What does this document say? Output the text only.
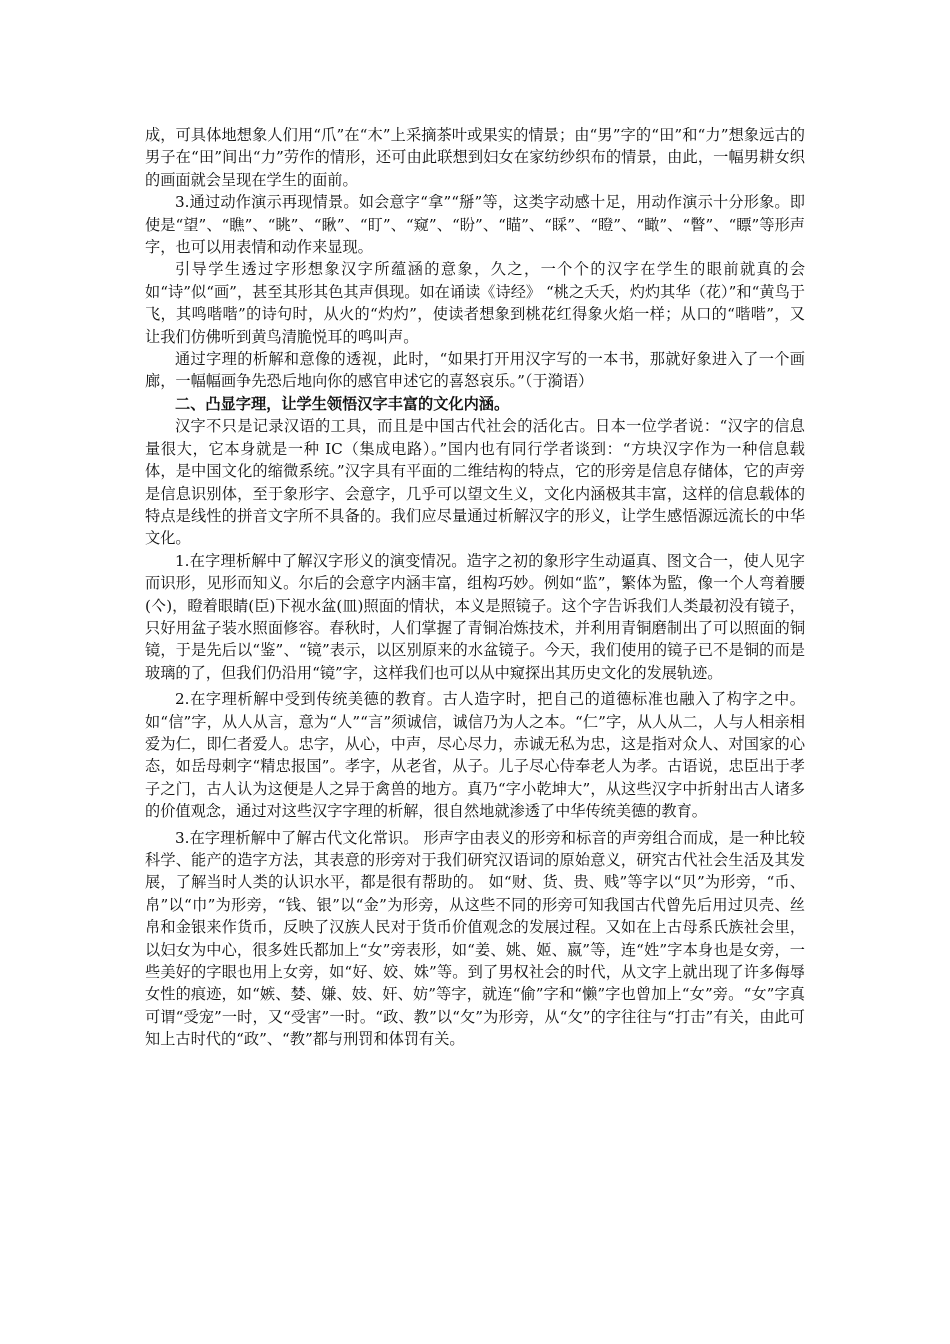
成，可具体地想象人们用“爪”在“木”上采摘茶叶或果实的情景；由“男”字的“田”和“力”想象远古的男子在“田”间出“力”劳作的情形，还可由此联想到妇女在家纺纱织布的情景，由此，一幅男耕女织的画面就会呈现在学生的面前。

3.通过动作演示再现情景。如会意字“拿”“掰”等，这类字动感十足，用动作演示十分形象。即使是“望”、“瞧”、“眺”、“瞅”、“盯”、“窥”、“盼”、“瞄”、“睬”、“瞪”、“瞰”、“瞥”、“瞟”等形声字，也可以用表情和动作来显现。

引导学生透过字形想象汉字所蕴涵的意象，久之，一个个的汉字在学生的眼前就真的会如“诗”似“画”，甚至其形其色其声俱现。如在诵读《诗经》 “桃之夭夭，灼灼其华（花）”和“黄鸟于飞，其鸣喈喈”的诗句时，从火的“灼灼”，使读者想象到桃花红得象火焰一样；从口的“喈喈”，又让我们仿佛听到黄鸟清脆悦耳的鸣叫声。

通过字理的析解和意像的透视，此时，“如果打开用汉字写的一本书，那就好象进入了一个画廊，一幅幅画争先恐后地向你的感官申述它的喜怒哀乐。”（于漪语）

二、凸显字理，让学生领悟汉字丰富的文化内涵。

汉字不只是记录汉语的工具，而且是中国古代社会的活化古。日本一位学者说：“汉字的信息量很大，它本身就是一种 IC（集成电路）。”国内也有同行学者谈到：“方块汉字作为一种信息载体，是中国文化的缩微系统。”汉字具有平面的二维结构的特点，它的形旁是信息存储体，它的声旁是信息识别体，至于象形字、会意字，几乎可以望文生义，文化内涵极其丰富，这样的信息载体的特点是线性的拼音文字所不具备的。我们应尽量通过析解汉字的形义，让学生感悟源远流长的中华文化。

1.在字理析解中了解汉字形义的演变情况。造字之初的象形字生动逼真、图文合一，使人见字而识形，见形而知义。尔后的会意字内涵丰富，组构巧妙。例如“监”，繁体为監，像一个人弯着腰(亽)，瞪着眼睛(臣)下视水盆(皿)照面的情状，本义是照镜子。这个字告诉我们人类最初没有镜子，只好用盆子装水照面修容。春秋时，人们掌握了青铜冶炼技术，并利用青铜磨制出了可以照面的铜镜，于是先后以“鉴”、“镜”表示，以区别原来的水盆镜子。今天，我们使用的镜子已不是铜的而是玻璃的了，但我们仍沿用“镜”字，这样我们也可以从中窥探出其历史文化的发展轨迹。

2.在字理析解中受到传统美德的教育。古人造字时，把自己的道德标准也融入了构字之中。如“信”字，从人从言，意为“人”“言”须诚信，诚信乃为人之本。“仁”字，从人从二，人与人相亲相爱为仁，即仁者爱人。忠字，从心，中声，尽心尽力，赤诚无私为忠，这是指对众人、对国家的心态，如岳母刺字“精忠报国”。孝字，从老省，从子。儿子尽心侍奉老人为孝。古语说，忠臣出于孝子之门，古人认为这便是人之异于禽兽的地方。真乃“字小乾坤大”，从这些汉字中折射出古人诸多的价值观念，通过对这些汉字字理的析解，很自然地就渗透了中华传统美德的教育。

3.在字理析解中了解古代文化常识。 形声字由表义的形旁和标音的声旁组合而成，是一种比较科学、能产的造字方法，其表意的形旁对于我们研究汉语词的原始意义，研究古代社会生活及其发展，了解当时人类的认识水平，都是很有帮助的。 如“财、货、贵、贱”等字以“贝”为形旁，“币、帛”以“巾”为形旁，“钱、银”以“金”为形旁，从这些不同的形旁可知我国古代曾先后用过贝壳、丝帛和金银来作货币，反映了汉族人民对于货币价值观念的发展过程。又如在上古母系氏族社会里，以妇女为中心，很多姓氏都加上“女”旁表形，如“姜、姚、姬、嬴”等，连“姓”字本身也是女旁，一些美好的字眼也用上女旁，如“好、姣、姝”等。到了男权社会的时代，从文字上就出现了许多侮辱女性的痕迹，如“嫉、婪、嫌、妓、奸、妨”等字，就连“偷”字和“懒”字也曾加上“女”旁。“女”字真可谓“受宠”一时，又“受害”一时。“政、教”以“攵”为形旁，从“攵”的字往往与“打击”有关，由此可知上古时代的“政”、“教”都与刑罚和体罚有关。
